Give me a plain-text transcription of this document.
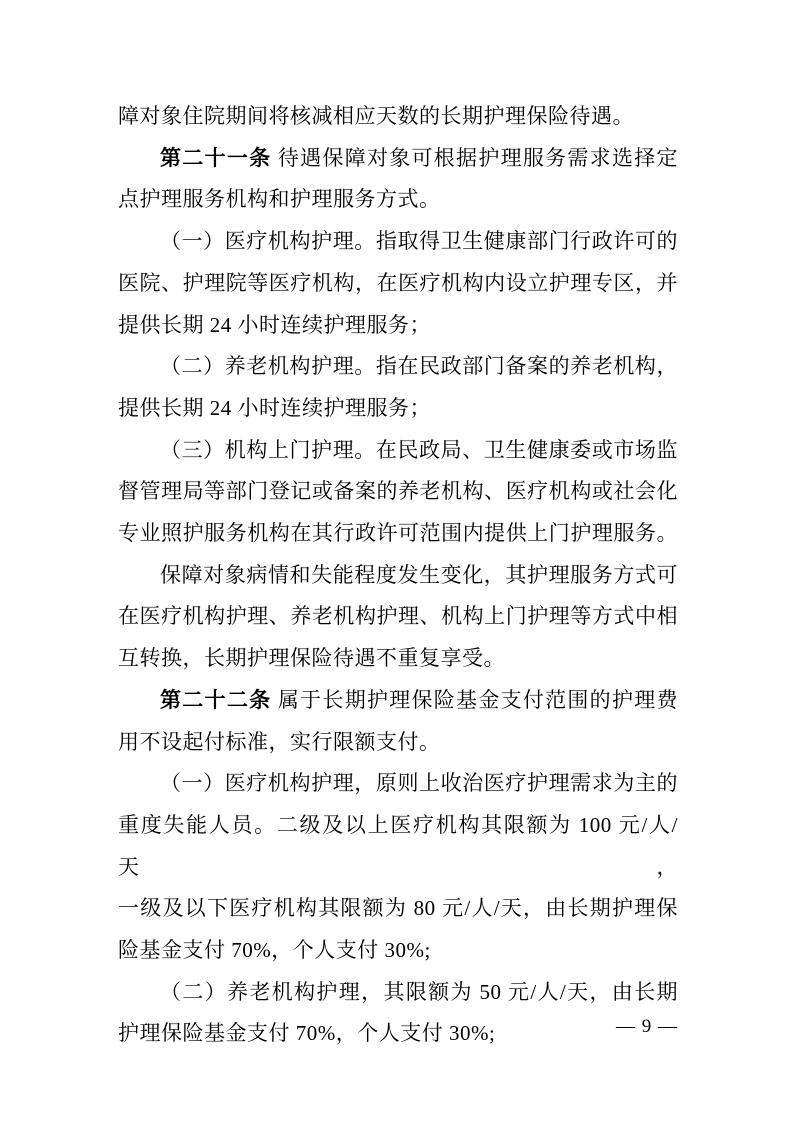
障对象住院期间将核减相应天数的长期护理保险待遇。
第二十一条 待遇保障对象可根据护理服务需求选择定
点护理服务机构和护理服务方式。
（一）医疗机构护理。指取得卫生健康部门行政许可的
医院、护理院等医疗机构，在医疗机构内设立护理专区，并
提供长期 24 小时连续护理服务；
（二）养老机构护理。指在民政部门备案的养老机构，
提供长期 24 小时连续护理服务；
（三）机构上门护理。在民政局、卫生健康委或市场监
督管理局等部门登记或备案的养老机构、医疗机构或社会化
专业照护服务机构在其行政许可范围内提供上门护理服务。
保障对象病情和失能程度发生变化，其护理服务方式可
在医疗机构护理、养老机构护理、机构上门护理等方式中相
互转换，长期护理保险待遇不重复享受。
第二十二条 属于长期护理保险基金支付范围的护理费
用不设起付标准，实行限额支付。
（一）医疗机构护理，原则上收治医疗护理需求为主的
重度失能人员。二级及以上医疗机构其限额为 100 元/人/天，
一级及以下医疗机构其限额为 80 元/人/天，由长期护理保
险基金支付 70%，个人支付 30%;
（二）养老机构护理，其限额为 50 元/人/天，由长期
护理保险基金支付 70%，个人支付 30%;	— 9 —
